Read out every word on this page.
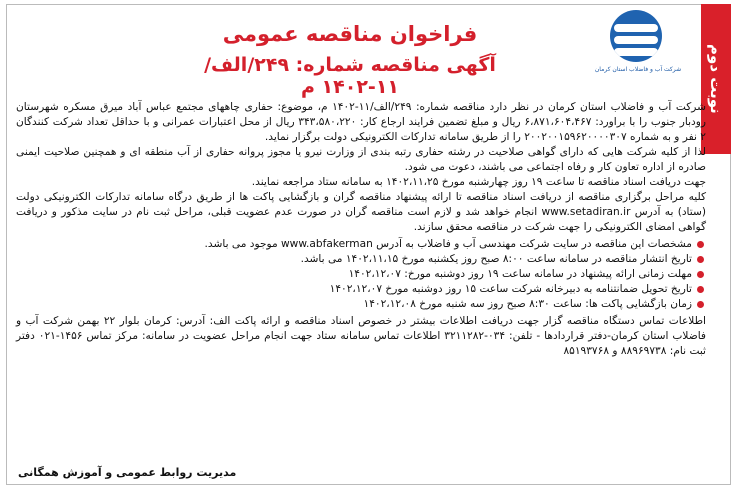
نوبت دوم
شرکت آب و فاضلاب استان کرمان
فراخوان مناقصه عمومی
آگهی مناقصه شماره: ۲۴۹/الف/۱۱-۱۴۰۲ م

شرکت آب و فاضلاب استان کرمان در نظر دارد مناقصه شماره: ۲۴۹/الف/۱۱-۱۴۰۲ م، موضوع: حفاری چاههای مجتمع عباس آباد میرق مسکره شهرستان رودبار جنوب را با براورد: ۶،۸۷۱،۶۰۴،۴۶۷ ریال و مبلغ تضمین فرایند ارجاع کار: ۳۴۳،۵۸۰،۲۲۰ ریال از محل اعتبارات عمرانی و با حداقل تعداد شرکت کنندگان ۲ نفر و به شماره ۲۰۰۲۰۰۱۵۹۶۲۰۰۰۰۳۰۷ را از طریق سامانه تدارکات الکترونیکی دولت برگزار نماید.

لذا از کلیه شرکت هایی که دارای گواهی صلاحیت در رشته حفاری رتبه بندی از وزارت نیرو یا مجوز پروانه حفاری از آب منطقه ای و همچنین صلاحیت ایمنی صادره از اداره تعاون کار و رفاه اجتماعی می باشند، دعوت می شود.

جهت دریافت اسناد مناقصه تا ساعت ۱۹ روز چهارشنبه مورخ ۱۴۰۲،۱۱،۲۵ به سامانه ستاد مراجعه نمایند.

کلیه مراحل برگزاری مناقصه از دریافت اسناد مناقصه تا ارائه پیشنهاد مناقصه گران و بازگشایی پاکت ها از طریق درگاه سامانه تدارکات الکترونیکی دولت (ستاد) به آدرس www.setadiran.ir انجام خواهد شد و لازم است مناقصه گران در صورت عدم عضویت قبلی، مراحل ثبت نام در سایت مذکور و دریافت گواهی امضای الکترونیکی را جهت شرکت در مناقصه محقق سازند.

مشخصات این مناقصه در سایت شرکت مهندسی آب و فاضلاب به آدرس www.abfakerman موجود می باشد.
تاریخ انتشار مناقصه در سامانه ساعت ۸:۰۰ صبح روز یکشنبه مورخ ۱۴۰۲،۱۱،۱۵ می باشد.
مهلت زمانی ارائه پیشنهاد در سامانه ساعت ۱۹ روز دوشنبه مورخ: ۱۴۰۲،۱۲،۰۷
تاریخ تحویل ضمانتنامه به دبیرخانه شرکت ساعت ۱۵ روز دوشنبه مورخ ۱۴۰۲،۱۲،۰۷
زمان بازگشایی پاکت ها: ساعت ۸:۳۰ صبح روز سه شنبه مورخ ۱۴۰۲،۱۲،۰۸

اطلاعات تماس دستگاه مناقصه گزار جهت دریافت اطلاعات بیشتر در خصوص اسناد مناقصه و ارائه پاکت الف: آدرس: کرمان بلوار ۲۲ بهمن شرکت آب و فاضلاب استان کرمان-دفتر قراردادها - تلفن: ۰۳۴-۳۲۱۱۲۸۲ اطلاعات تماس سامانه ستاد جهت انجام مراحل عضویت در سامانه: مرکز تماس ۱۴۵۶-۰۲۱ دفتر ثبت نام: ۸۸۹۶۹۷۳۸ و ۸۵۱۹۳۷۶۸

مدیریت روابط عمومی و آموزش همگانی
